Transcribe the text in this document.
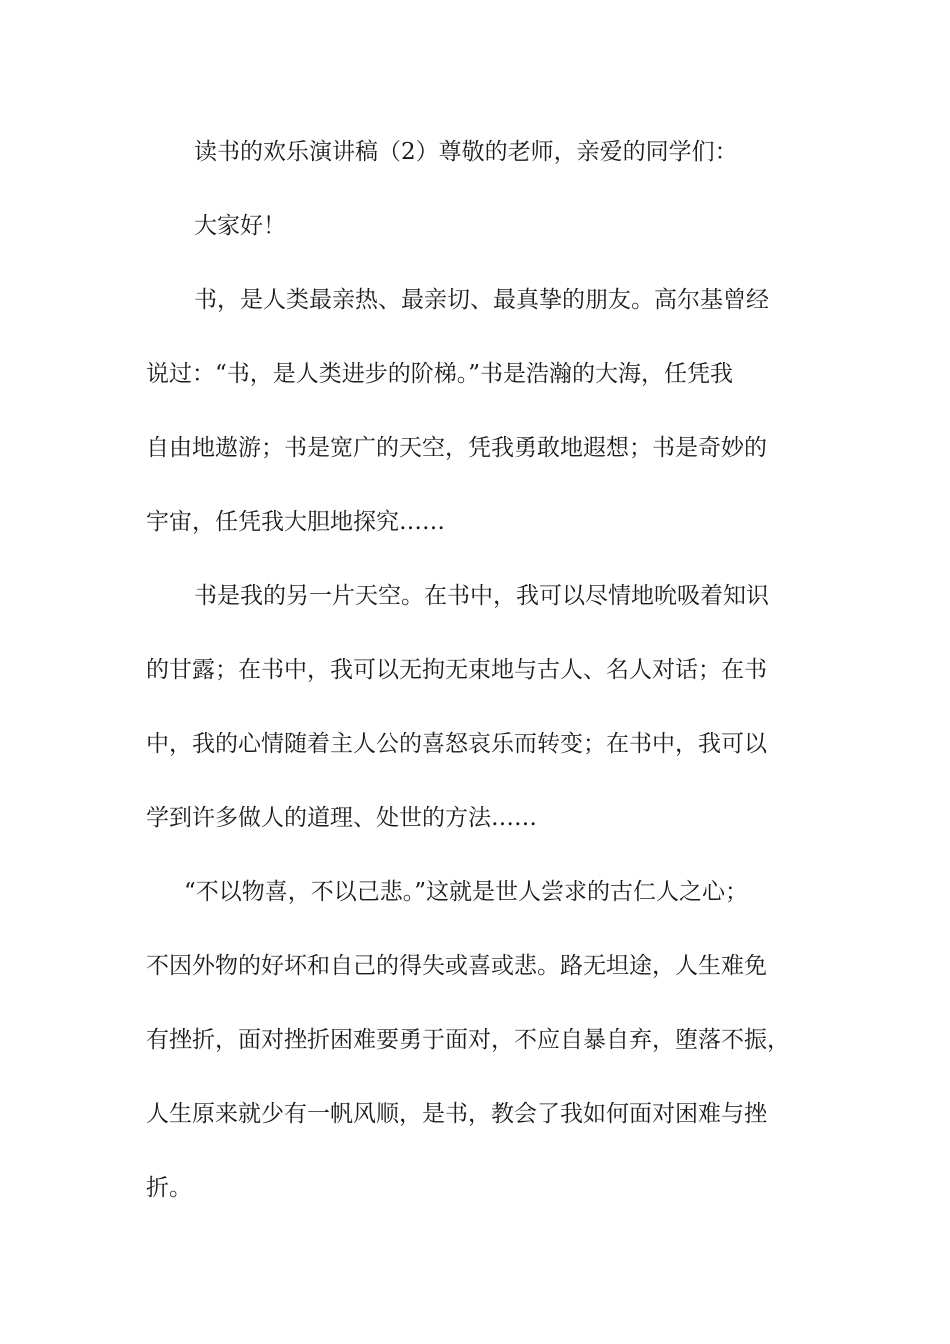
读书的欢乐演讲稿（2）尊敬的老师，亲爱的同学们：
大家好！
书，是人类最亲热、最亲切、最真挚的朋友。高尔基曾经
说过：“书，是人类进步的阶梯。”书是浩瀚的大海，任凭我
自由地遨游；书是宽广的天空，凭我勇敢地遐想；书是奇妙的
宇宙，任凭我大胆地探究……
书是我的另一片天空。在书中，我可以尽情地吮吸着知识
的甘露；在书中，我可以无拘无束地与古人、名人对话；在书
中，我的心情随着主人公的喜怒哀乐而转变；在书中，我可以
学到许多做人的道理、处世的方法……
“不以物喜，不以己悲。”这就是世人尝求的古仁人之心；
不因外物的好坏和自己的得失或喜或悲。路无坦途，人生难免
有挫折，面对挫折困难要勇于面对，不应自暴自弃，堕落不振，
人生原来就少有一帆风顺，是书，教会了我如何面对困难与挫
折。
